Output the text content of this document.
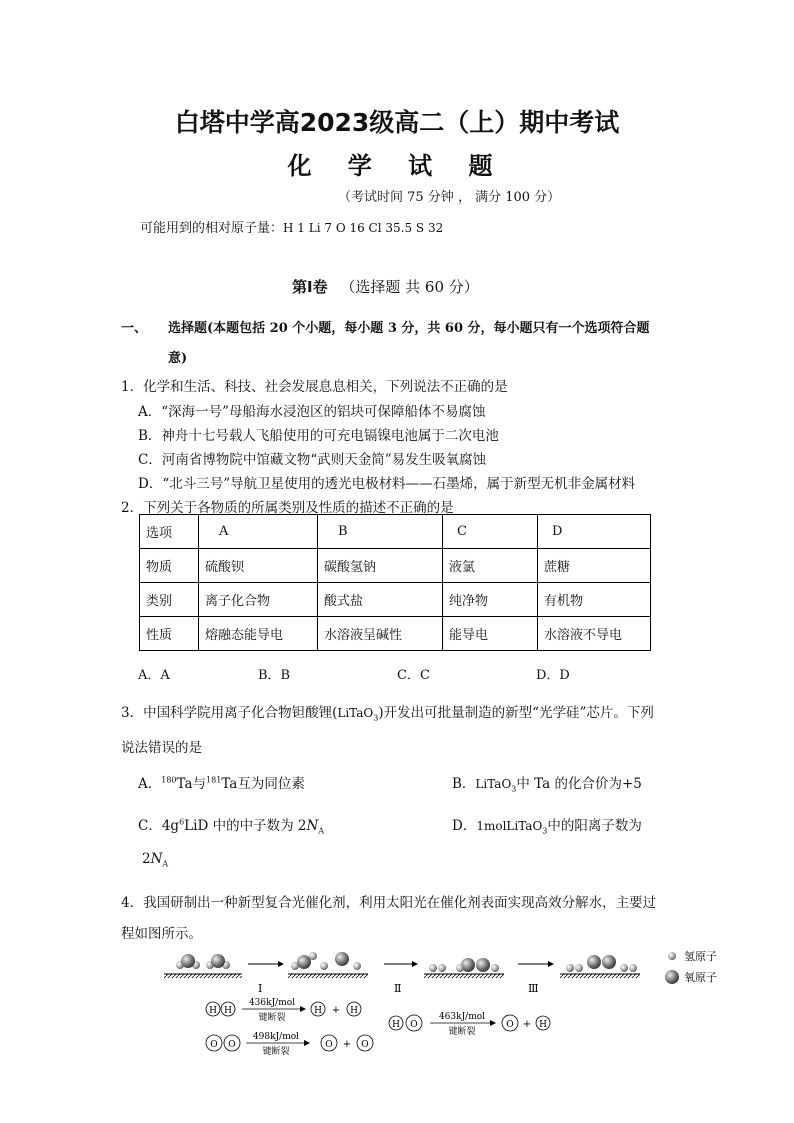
白塔中学高2023级高二（上）期中考试
化 学 试 题
（考试时间 75 分钟 ， 满分 100 分）
可能用到的相对原子量：H 1 Li 7 O 16 Cl 35.5 S 32
第Ⅰ卷 （选择题 共 60 分）
一、 选择题(本题包括 20 个小题，每小题 3 分，共 60 分，每小题只有一个选项符合题
意)
1．化学和生活、科技、社会发展息息相关，下列说法不正确的是
A．“深海一号”母船海水浸泡区的铝块可保障船体不易腐蚀
B．神舟十七号载人飞船使用的可充电镉镍电池属于二次电池
C．河南省博物院中馆藏文物“武则天金简”易发生吸氧腐蚀
D．“北斗三号”导航卫星使用的透光电极材料——石墨烯，属于新型无机非金属材料
2．下列关于各物质的所属类别及性质的描述不正确的是
选项	A	B	C	D
物质	硫酸钡	碳酸氢钠	液氯	蔗糖
类别	离子化合物	酸式盐	纯净物	有机物
性质	熔融态能导电	水溶液呈碱性	能导电	水溶液不导电
A．A	B．B	C．C	D．D
3．中国科学院用离子化合物钽酸锂(LiTaO$_3$)开发出可批量制造的新型“光学硅”芯片。下列
说法错误的是
A．$^{180}$Ta与$^{181}$Ta互为同位素	B．LiTaO$_3$中 Ta 的化合价为+5
C．$4g^6LiD$ 中的中子数为 $2N_A$	D．1molLiTaO$_3$中的阳离子数为
$2N_A$
4．我国研制出一种新型复合光催化剂，利用太阳光在催化剂表面实现高效分解水，主要过
程如图所示。
Ⅰ	Ⅱ	Ⅲ
氢原子
氧原子
H H
436kJ/mol
键断裂
H + H
H O
463kJ/mol
键断裂
O + H
O O
498kJ/mol
键断裂
O + O
